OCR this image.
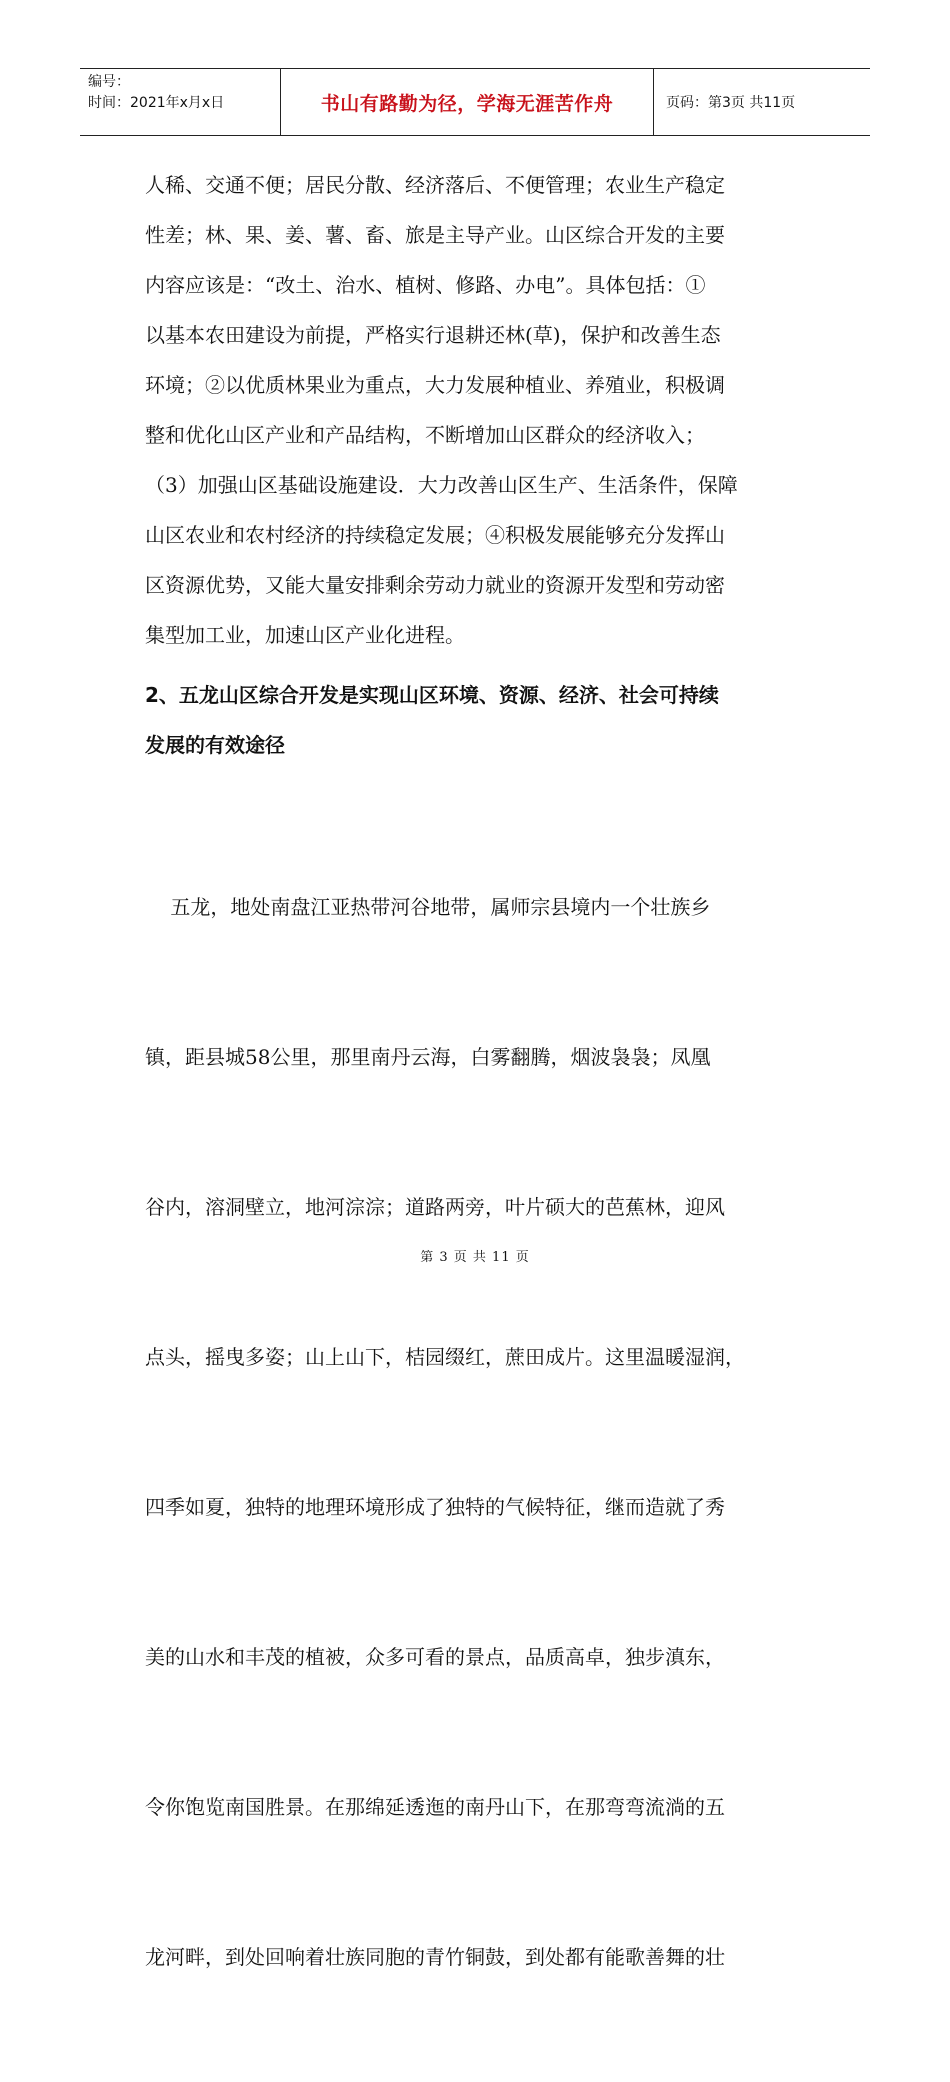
编号：
时间：2021年x月x日	书山有路勤为径，学海无涯苦作舟	页码：第3页 共11页

人稀、交通不便；居民分散、经济落后、不便管理；农业生产稳定
性差；林、果、姜、薯、畜、旅是主导产业。山区综合开发的主要
内容应该是：“改土、治水、植树、修路、办电”。具体包括：①
以基本农田建设为前提，严格实行退耕还林(草)，保护和改善生态
环境；②以优质林果业为重点，大力发展种植业、养殖业，积极调
整和优化山区产业和产品结构，不断增加山区群众的经济收入；
（3）加强山区基础设施建设．大力改善山区生产、生活条件，保障
山区农业和农村经济的持续稳定发展；④积极发展能够充分发挥山
区资源优势，又能大量安排剩余劳动力就业的资源开发型和劳动密
集型加工业，加速山区产业化进程。

2、五龙山区综合开发是实现山区环境、资源、经济、社会可持续
发展的有效途径

五龙，地处南盘江亚热带河谷地带，属师宗县境内一个壮族乡

镇，距县城58公里，那里南丹云海，白雾翻腾，烟波袅袅；凤凰

谷内，溶洞壁立，地河淙淙；道路两旁，叶片硕大的芭蕉林，迎风

点头，摇曳多姿；山上山下，桔园缀红，蔗田成片。这里温暖湿润，

四季如夏，独特的地理环境形成了独特的气候特征，继而造就了秀

美的山水和丰茂的植被，众多可看的景点，品质高卓，独步滇东，

令你饱览南国胜景。在那绵延透迤的南丹山下，在那弯弯流淌的五

龙河畔，到处回响着壮族同胞的青竹铜鼓，到处都有能歌善舞的壮

第 3 页 共 11 页
